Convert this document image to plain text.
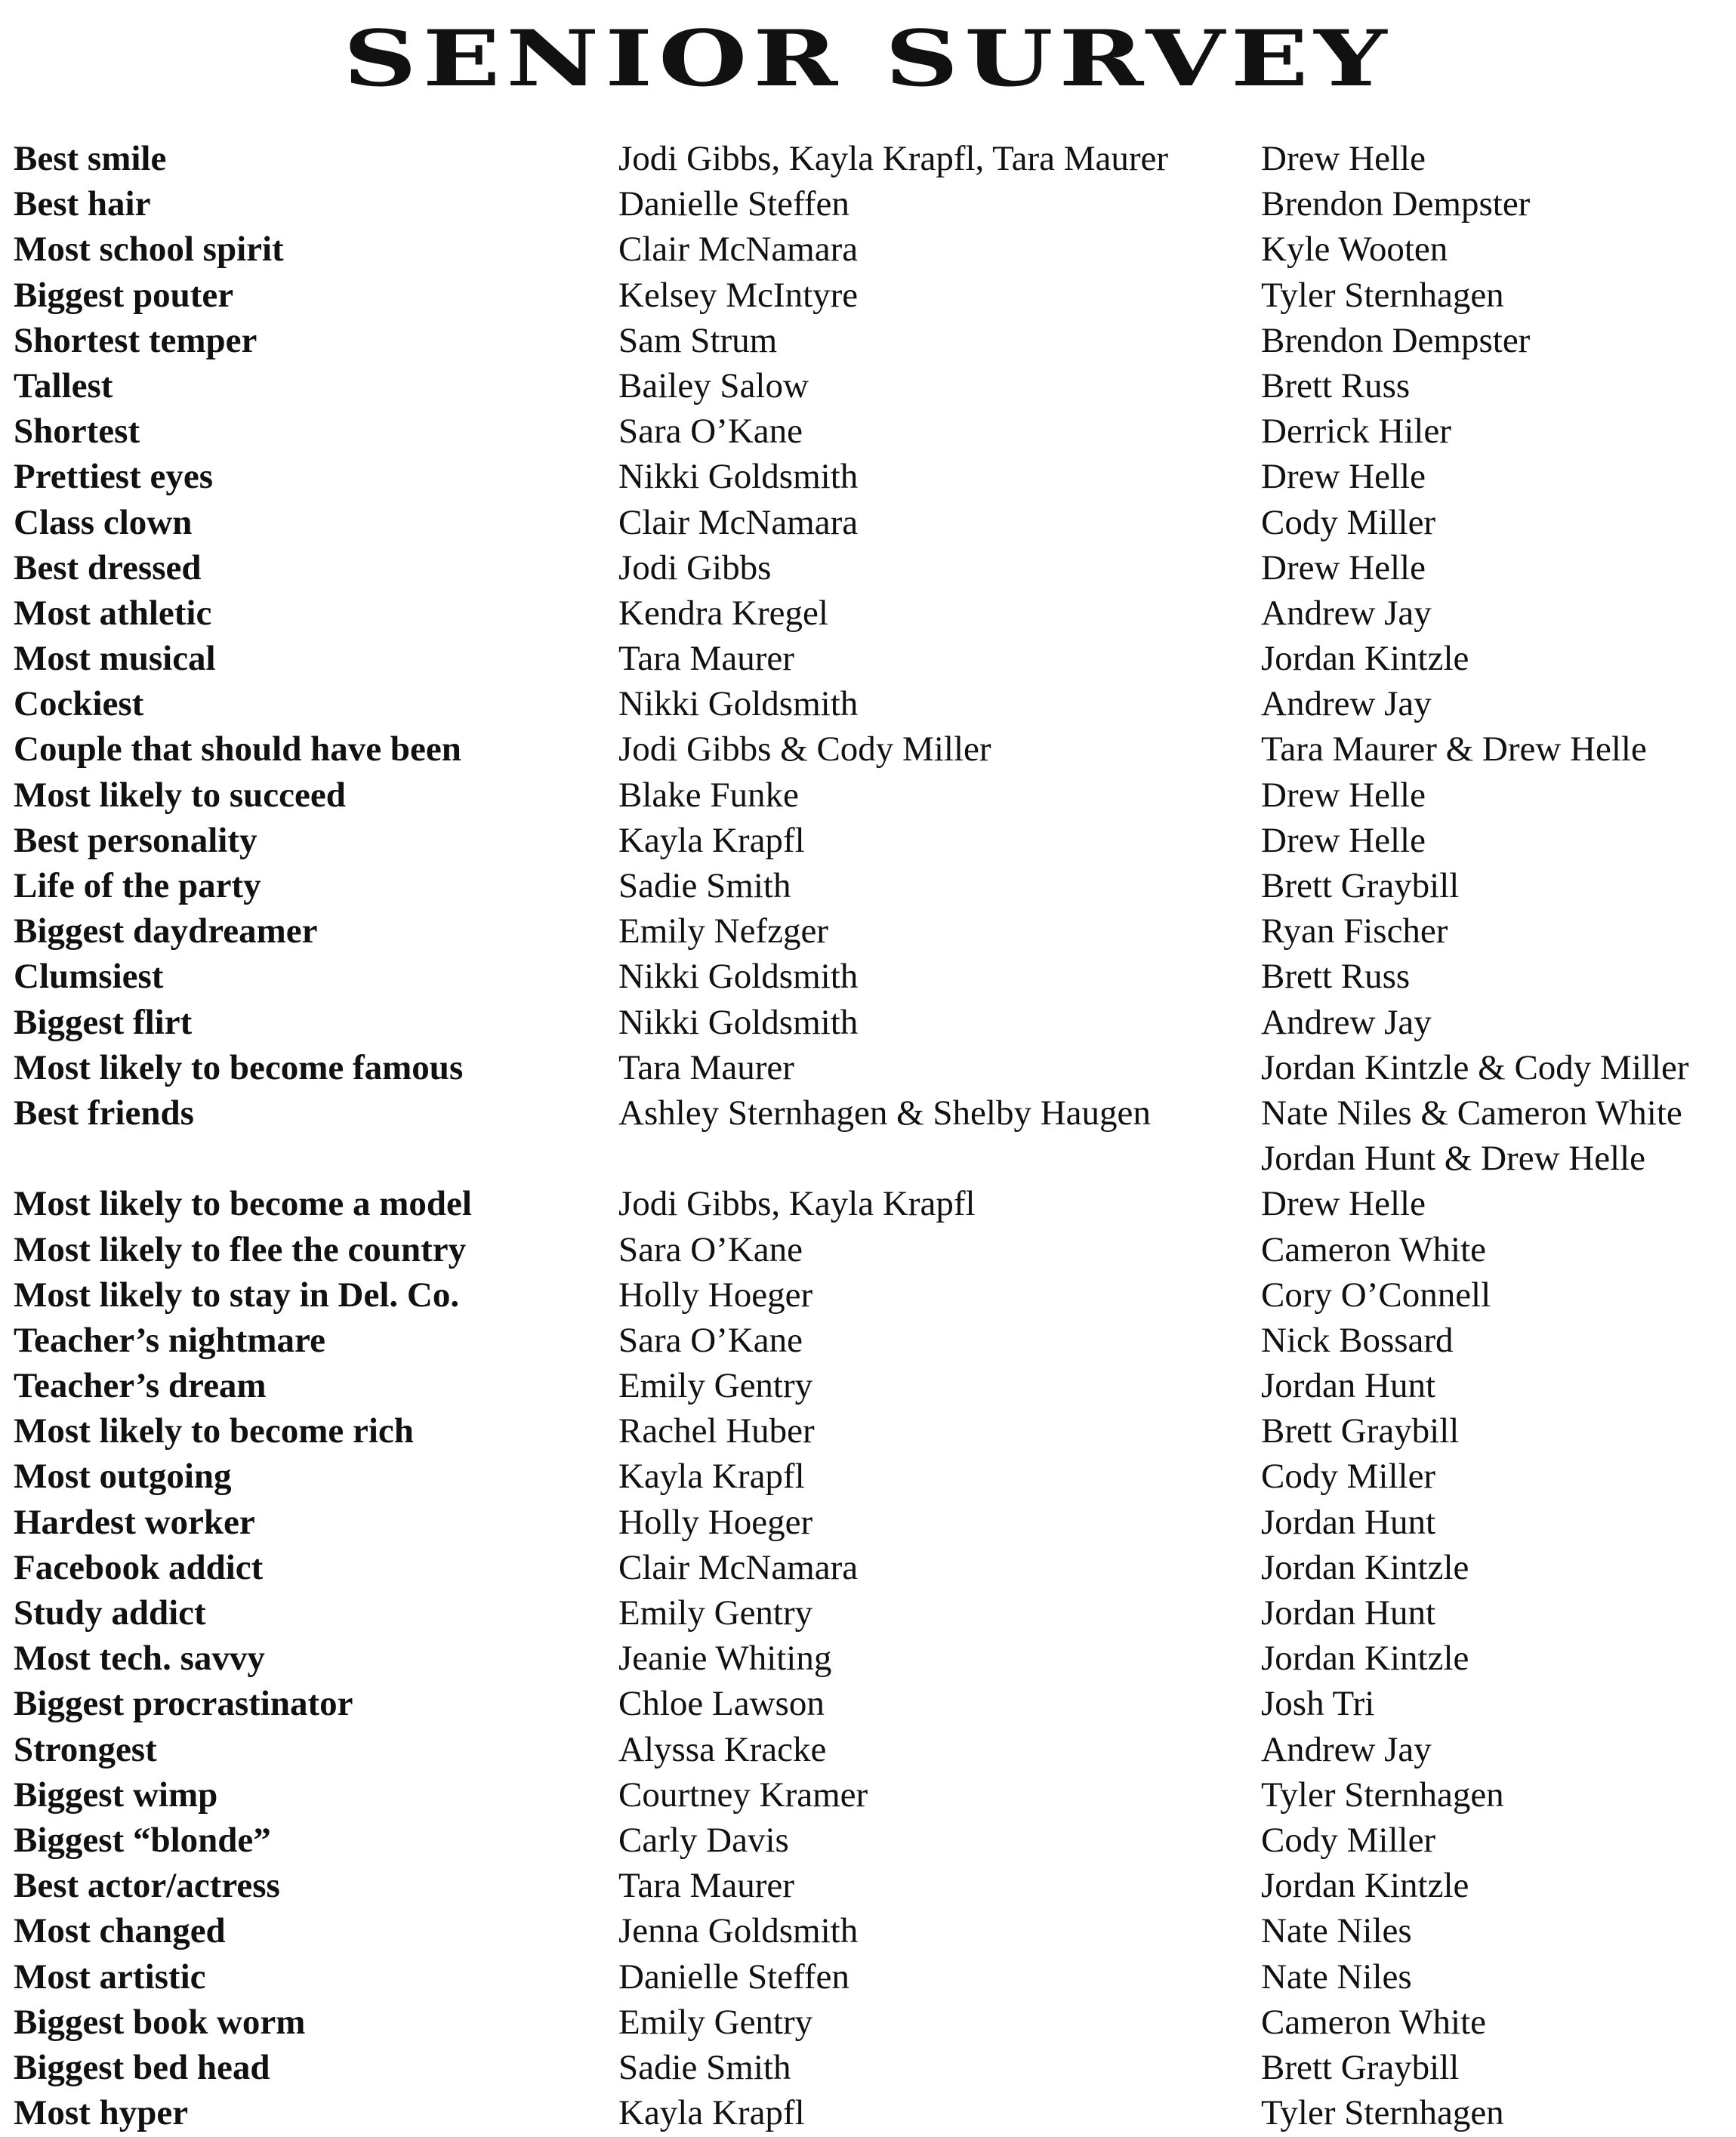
SENIOR SURVEY
Best smile	Jodi Gibbs, Kayla Krapfl, Tara Maurer	Drew Helle
Best hair	Danielle Steffen	Brendon Dempster
Most school spirit	Clair McNamara	Kyle Wooten
Biggest pouter	Kelsey McIntyre	Tyler Sternhagen
Shortest temper	Sam Strum	Brendon Dempster
Tallest	Bailey Salow	Brett Russ
Shortest	Sara O’Kane	Derrick Hiler
Prettiest eyes	Nikki Goldsmith	Drew Helle
Class clown	Clair McNamara	Cody Miller
Best dressed	Jodi Gibbs	Drew Helle
Most athletic	Kendra Kregel	Andrew Jay
Most musical	Tara Maurer	Jordan Kintzle
Cockiest	Nikki Goldsmith	Andrew Jay
Couple that should have been	Jodi Gibbs & Cody Miller	Tara Maurer & Drew Helle
Most likely to succeed	Blake Funke	Drew Helle
Best personality	Kayla Krapfl	Drew Helle
Life of the party	Sadie Smith	Brett Graybill
Biggest daydreamer	Emily Nefzger	Ryan Fischer
Clumsiest	Nikki Goldsmith	Brett Russ
Biggest flirt	Nikki Goldsmith	Andrew Jay
Most likely to become famous	Tara Maurer	Jordan Kintzle & Cody Miller
Best friends	Ashley Sternhagen & Shelby Haugen	Nate Niles & Cameron White
Jordan Hunt & Drew Helle
Most likely to become a model	Jodi Gibbs, Kayla Krapfl	Drew Helle
Most likely to flee the country	Sara O’Kane	Cameron White
Most likely to stay in Del. Co.	Holly Hoeger	Cory O’Connell
Teacher’s nightmare	Sara O’Kane	Nick Bossard
Teacher’s dream	Emily Gentry	Jordan Hunt
Most likely to become rich	Rachel Huber	Brett Graybill
Most outgoing	Kayla Krapfl	Cody Miller
Hardest worker	Holly Hoeger	Jordan Hunt
Facebook addict	Clair McNamara	Jordan Kintzle
Study addict	Emily Gentry	Jordan Hunt
Most tech. savvy	Jeanie Whiting	Jordan Kintzle
Biggest procrastinator	Chloe Lawson	Josh Tri
Strongest	Alyssa Kracke	Andrew Jay
Biggest wimp	Courtney Kramer	Tyler Sternhagen
Biggest “blonde”	Carly Davis	Cody Miller
Best actor/actress	Tara Maurer	Jordan Kintzle
Most changed	Jenna Goldsmith	Nate Niles
Most artistic	Danielle Steffen	Nate Niles
Biggest book worm	Emily Gentry	Cameron White
Biggest bed head	Sadie Smith	Brett Graybill
Most hyper	Kayla Krapfl	Tyler Sternhagen
